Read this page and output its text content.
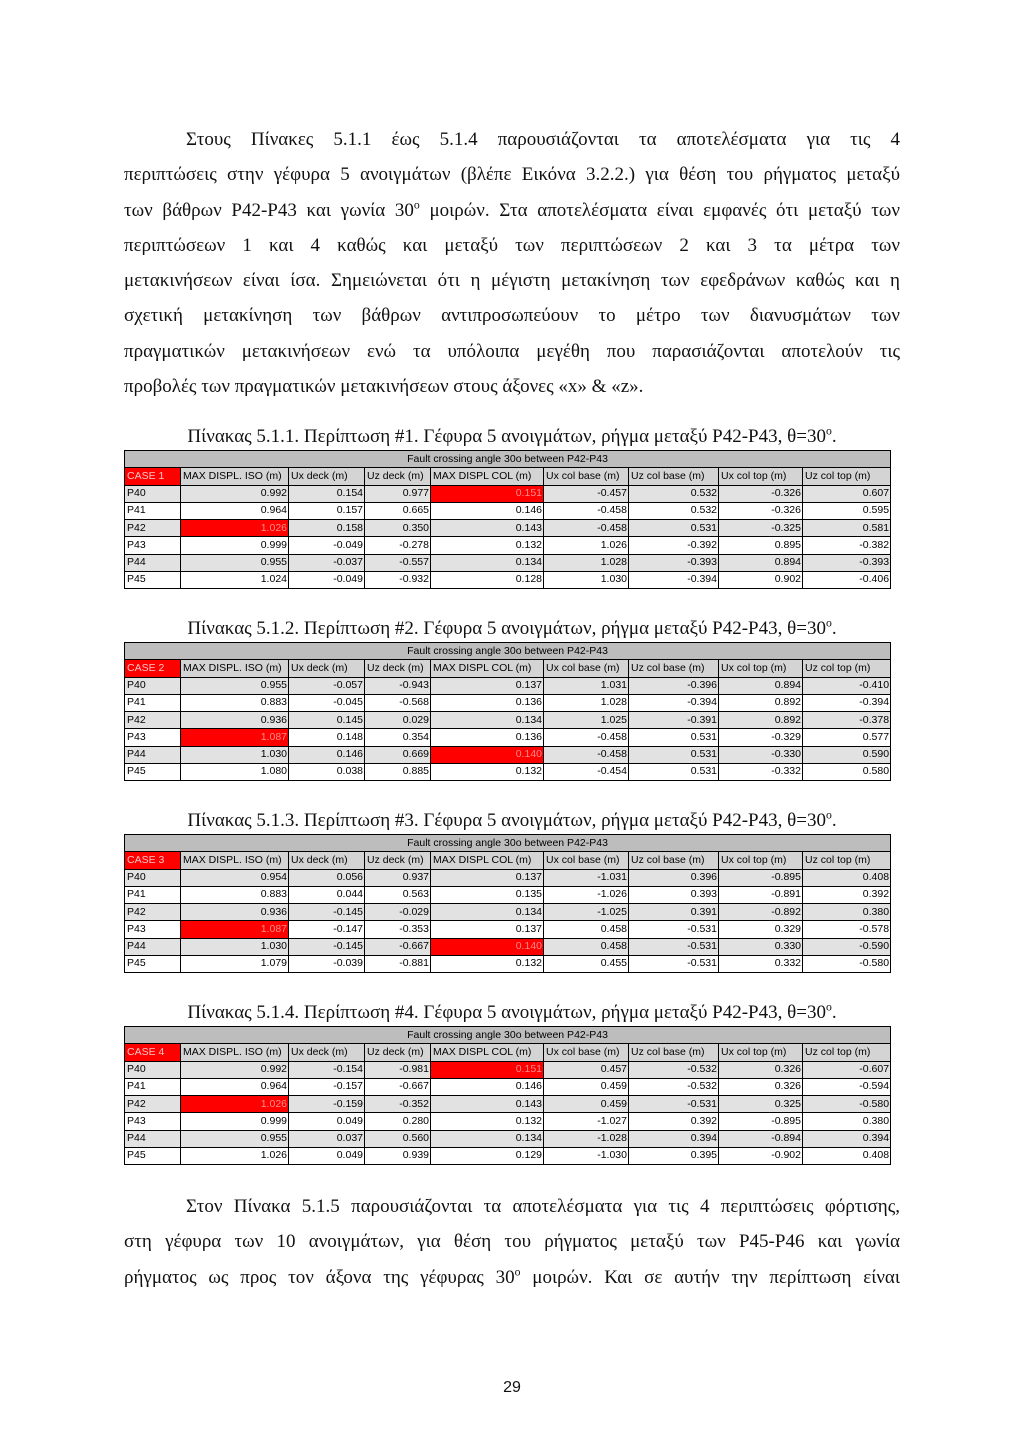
Στους Πίνακες 5.1.1 έως 5.1.4 παρουσιάζονται τα αποτελέσματα για τις 4
περιπτώσεις στην γέφυρα 5 ανοιγμάτων (βλέπε Εικόνα 3.2.2.) για θέση του ρήγματος μεταξύ
των βάθρων P42-P43 και γωνία 30$^o$ μοιρών. Στα αποτελέσματα είναι εμφανές ότι μεταξύ των
περιπτώσεων 1 και 4 καθώς και μεταξύ των περιπτώσεων 2 και 3 τα μέτρα των
μετακινήσεων είναι ίσα. Σημειώνεται ότι η μέγιστη μετακίνηση των εφεδράνων καθώς και η
σχετική μετακίνηση των βάθρων αντιπροσωπεύουν το μέτρο των διανυσμάτων των
πραγματικών μετακινήσεων ενώ τα υπόλοιπα μεγέθη που παρασιάζονται αποτελούν τις
προβολές των πραγματικών μετακινήσεων στους άξονες «x» & «z».
Πίνακας 5.1.1. Περίπτωση #1. Γέφυρα 5 ανοιγμάτων, ρήγμα μεταξύ P42-P43, $\theta=30^o$.
Fault crossing angle 30o between P42-P43								
CASE 1	MAX DISPL. ISO (m)	Ux deck (m)	Uz deck (m)	MAX DISPL COL (m)	Ux col base (m)	Uz col base (m)	Ux col top (m)	Uz col top (m)
P40	0.992	0.154	0.977	0.151	-0.457	0.532	-0.326	0.607
P41	0.964	0.157	0.665	0.146	-0.458	0.532	-0.326	0.595
P42	1.026	0.158	0.350	0.143	-0.458	0.531	-0.325	0.581
P43	0.999	-0.049	-0.278	0.132	1.026	-0.392	0.895	-0.382
P44	0.955	-0.037	-0.557	0.134	1.028	-0.393	0.894	-0.393
P45	1.024	-0.049	-0.932	0.128	1.030	-0.394	0.902	-0.406
Πίνακας 5.1.2. Περίπτωση #2. Γέφυρα 5 ανοιγμάτων, ρήγμα μεταξύ P42-P43, $\theta=30^o$.
Fault crossing angle 30o between P42-P43								
CASE 2	MAX DISPL. ISO (m)	Ux deck (m)	Uz deck (m)	MAX DISPL COL (m)	Ux col base (m)	Uz col base (m)	Ux col top (m)	Uz col top (m)
P40	0.955	-0.057	-0.943	0.137	1.031	-0.396	0.894	-0.410
P41	0.883	-0.045	-0.568	0.136	1.028	-0.394	0.892	-0.394
P42	0.936	0.145	0.029	0.134	1.025	-0.391	0.892	-0.378
P43	1.087	0.148	0.354	0.136	-0.458	0.531	-0.329	0.577
P44	1.030	0.146	0.669	0.140	-0.458	0.531	-0.330	0.590
P45	1.080	0.038	0.885	0.132	-0.454	0.531	-0.332	0.580
Πίνακας 5.1.3. Περίπτωση #3. Γέφυρα 5 ανοιγμάτων, ρήγμα μεταξύ P42-P43, $\theta=30^o$.
Fault crossing angle 30o between P42-P43								
CASE 3	MAX DISPL. ISO (m)	Ux deck (m)	Uz deck (m)	MAX DISPL COL (m)	Ux col base (m)	Uz col base (m)	Ux col top (m)	Uz col top (m)
P40	0.954	0.056	0.937	0.137	-1.031	0.396	-0.895	0.408
P41	0.883	0.044	0.563	0.135	-1.026	0.393	-0.891	0.392
P42	0.936	-0.145	-0.029	0.134	-1.025	0.391	-0.892	0.380
P43	1.087	-0.147	-0.353	0.137	0.458	-0.531	0.329	-0.578
P44	1.030	-0.145	-0.667	0.140	0.458	-0.531	0.330	-0.590
P45	1.079	-0.039	-0.881	0.132	0.455	-0.531	0.332	-0.580
Πίνακας 5.1.4. Περίπτωση #4. Γέφυρα 5 ανοιγμάτων, ρήγμα μεταξύ P42-P43, $\theta=30^o$.
Fault crossing angle 30o between P42-P43								
CASE 4	MAX DISPL. ISO (m)	Ux deck (m)	Uz deck (m)	MAX DISPL COL (m)	Ux col base (m)	Uz col base (m)	Ux col top (m)	Uz col top (m)
P40	0.992	-0.154	-0.981	0.151	0.457	-0.532	0.326	-0.607
P41	0.964	-0.157	-0.667	0.146	0.459	-0.532	0.326	-0.594
P42	1.026	-0.159	-0.352	0.143	0.459	-0.531	0.325	-0.580
P43	0.999	0.049	0.280	0.132	-1.027	0.392	-0.895	0.380
P44	0.955	0.037	0.560	0.134	-1.028	0.394	-0.894	0.394
P45	1.026	0.049	0.939	0.129	-1.030	0.395	-0.902	0.408
Στον Πίνακα 5.1.5 παρουσιάζονται τα αποτελέσματα για τις 4 περιπτώσεις φόρτισης,
στη γέφυρα των 10 ανοιγμάτων, για θέση του ρήγματος μεταξύ των P45-P46 και γωνία
ρήγματος ως προς τον άξονα της γέφυρας 30$^o$ μοιρών. Και σε αυτήν την περίπτωση είναι
29
